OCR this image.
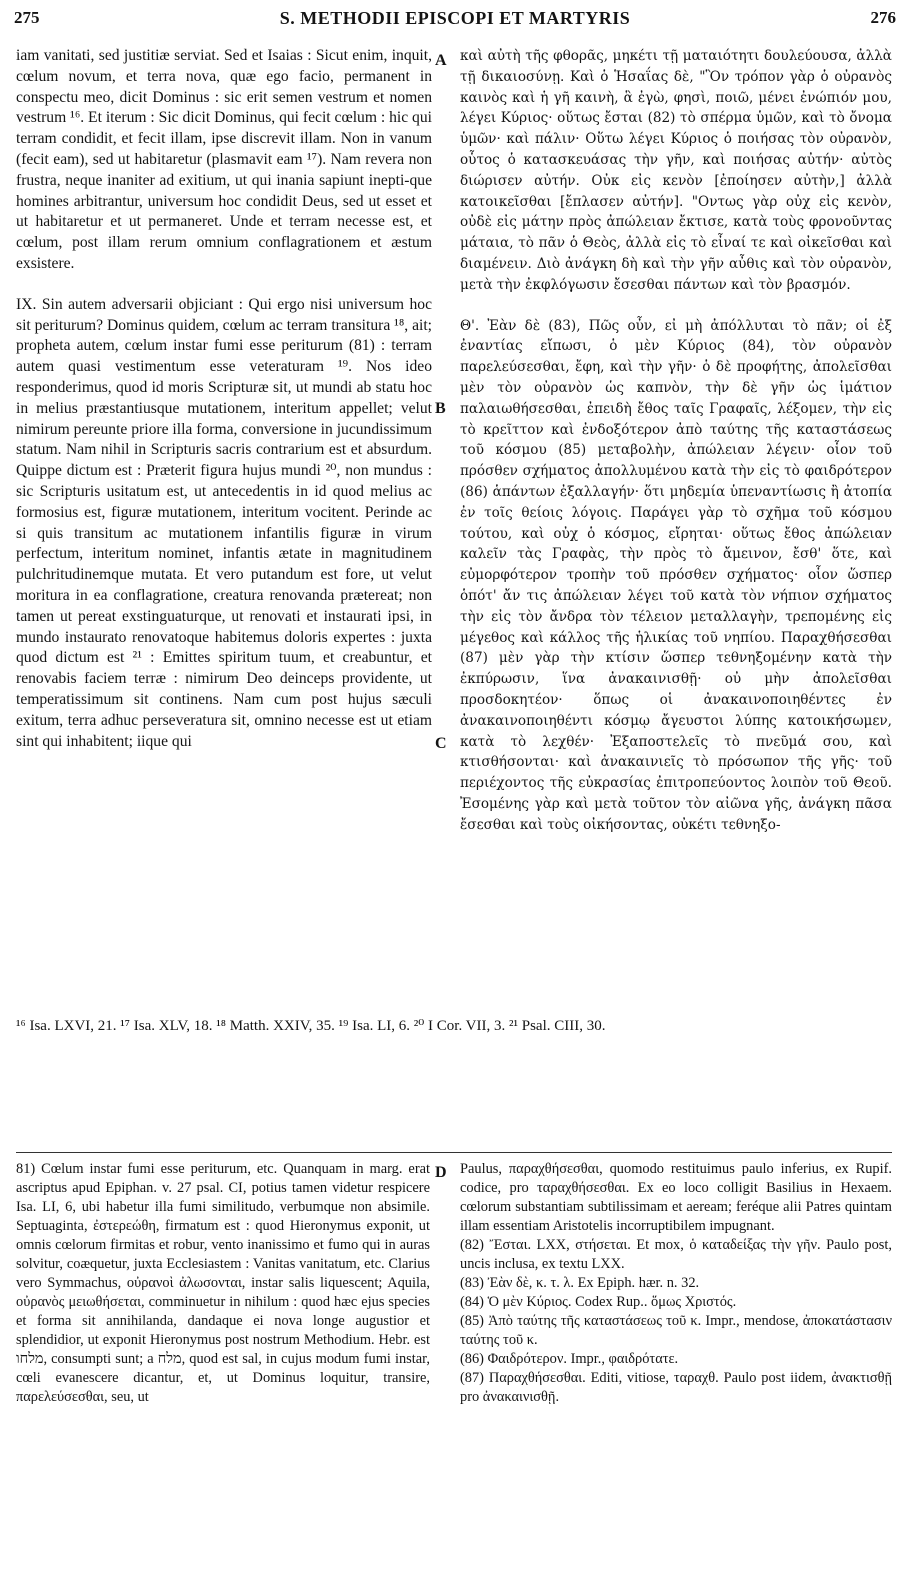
275	S. METHODII EPISCOPI ET MARTYRIS	276

iam vanitati, sed justitiæ serviat. Sed et Isaias : Sicut enim, inquit, cœlum novum, et terra nova, quæ ego facio, permanent in conspectu meo, dicit Dominus : sic erit semen vestrum et nomen vestrum ¹⁶. Et iterum : Sic dicit Dominus, qui fecit cœlum : hic qui terram condidit, et fecit illam, ipse discrevit illam. Non in vanum (fecit eam), sed ut habitaretur (plasmavit eam ¹⁷). Nam revera non frustra, neque inaniter ad exitium, ut qui inania sapiunt inepti-que homines arbitrantur, universum hoc condidit Deus, sed ut esset et ut habitaretur et ut permaneret. Unde et terram necesse est, et cœlum, post illam rerum omnium conflagrationem et æstum exsistere.

IX. Sin autem adversarii objiciant : Qui ergo nisi universum hoc sit periturum? Dominus quidem, cœlum ac terram transitura ¹⁸, ait; propheta autem, cœlum instar fumi esse periturum (81) : terram autem quasi vestimentum esse veteraturam ¹⁹. Nos ideo responderimus, quod id moris Scripturæ sit, ut mundi ab statu hoc in melius præstantiusque mutationem, interitum appellet; velut nimirum pereunte priore illa forma, conversione in jucundissimum statum. Nam nihil in Scripturis sacris contrarium est et absurdum. Quippe dictum est : Præterit figura hujus mundi ²⁰, non mundus : sic Scripturis usitatum est, ut antecedentis in id quod melius ac formosius est, figuræ mutationem, interitum vocitent. Perinde ac si quis transitum ac mutationem infantilis figuræ in virum perfectum, interitum nominet, infantis ætate in magnitudinem pulchritudinemque mutata. Et vero putandum est fore, ut velut moritura in ea conflagratione, creatura renovanda prætereat; non tamen ut pereat exstinguaturque, ut renovati et instaurati ipsi, in mundo instaurato renovatoque habitemus doloris expertes : juxta quod dictum est ²¹ : Emittes spiritum tuum, et creabuntur, et renovabis faciem terræ : nimirum Deo deinceps providente, ut temperatissimum sit continens. Nam cum post hujus sæculi exitum, terra adhuc perseveratura sit, omnino necesse est ut etiam sint qui inhabitent; iique qui

A
B
C

καὶ αὐτὴ τῆς φθορᾶς, μηκέτι τῇ ματαιότητι δουλεύουσα, ἀλλὰ τῇ δικαιοσύνῃ. Καὶ ὁ Ἡσαΐας δὲ, "Ὃν τρόπον γὰρ ὁ οὐρανὸς καινὸς καὶ ἡ γῆ καινὴ, ἃ ἐγὼ, φησὶ, ποιῶ, μένει ἐνώπιόν μου, λέγει Κύριος· οὕτως ἔσται (82) τὸ σπέρμα ὑμῶν, καὶ τὸ ὄνομα ὑμῶν· καὶ πάλιν· Οὕτω λέγει Κύριος ὁ ποιήσας τὸν οὐρανὸν, οὗτος ὁ κατασκευάσας τὴν γῆν, καὶ ποιήσας αὐτήν· αὐτὸς διώρισεν αὐτήν. Οὐκ εἰς κενὸν [ἐποίησεν αὐτὴν,] ἀλλὰ κατοικεῖσθαι [ἔπλασεν αὐτήν]. "Οντως γὰρ οὐχ εἰς κενὸν, οὐδὲ εἰς μάτην πρὸς ἀπώλειαν ἔκτισε, κατὰ τοὺς φρονοῦντας μάταια, τὸ πᾶν ὁ Θεὸς, ἀλλὰ εἰς τὸ εἶναί τε καὶ οἰκεῖσθαι καὶ διαμένειν. Διὸ ἀνάγκη δὴ καὶ τὴν γῆν αὖθις καὶ τὸν οὐρανὸν, μετὰ τὴν ἐκφλόγωσιν ἔσεσθαι πάντων καὶ τὸν βρασμόν.

Θ'. Ἐὰν δὲ (83), Πῶς οὖν, εἰ μὴ ἀπόλλυται τὸ πᾶν; οἱ ἐξ ἐναντίας εἴπωσι, ὁ μὲν Κύριος (84), τὸν οὐρανὸν παρελεύσεσθαι, ἔφη, καὶ τὴν γῆν· ὁ δὲ προφήτης, ἀπολεῖσθαι μὲν τὸν οὐρανὸν ὡς καπνὸν, τὴν δὲ γῆν ὡς ἱμάτιον παλαιωθήσεσθαι, ἐπειδὴ ἔθος ταῖς Γραφαῖς, λέξομεν, τὴν εἰς τὸ κρεῖττον καὶ ἐνδοξότερον ἀπὸ ταύτης τῆς καταστάσεως τοῦ κόσμου (85) μεταβολὴν, ἀπώλειαν λέγειν· οἷον τοῦ πρόσθεν σχήματος ἀπολλυμένου κατὰ τὴν εἰς τὸ φαιδρότερον (86) ἁπάντων ἐξαλλαγήν· ὅτι μηδεμία ὑπεναντίωσις ἢ ἀτοπία ἐν τοῖς θείοις λόγοις. Παράγει γὰρ τὸ σχῆμα τοῦ κόσμου τούτου, καὶ οὐχ ὁ κόσμος, εἴρηται· οὕτως ἔθος ἀπώλειαν καλεῖν τὰς Γραφὰς, τὴν πρὸς τὸ ἄμεινον, ἔσθ' ὅτε, καὶ εὐμορφότερον τροπὴν τοῦ πρόσθεν σχήματος· οἷον ὥσπερ ὁπότ' ἄν τις ἀπώλειαν λέγει τοῦ κατὰ τὸν νήπιον σχήματος τὴν εἰς τὸν ἄνδρα τὸν τέλειον μεταλλαγὴν, τρεπομένης εἰς μέγεθος καὶ κάλλος τῆς ἡλικίας τοῦ νηπίου. Παραχθήσεσθαι (87) μὲν γὰρ τὴν κτίσιν ὥσπερ τεθνηξομένην κατὰ τὴν ἐκπύρωσιν, ἵνα ἀνακαινισθῇ· οὐ μὴν ἀπολεῖσθαι προσδοκητέον· ὅπως οἱ ἀνακαινοποιηθέντες ἐν ἀνακαινοποιηθέντι κόσμῳ ἄγευστοι λύπης κατοικήσωμεν, κατὰ τὸ λεχθέν· Ἐξαποστελεῖς τὸ πνεῦμά σου, καὶ κτισθήσονται· καὶ ἀνακαινιεῖς τὸ πρόσωπον τῆς γῆς· τοῦ περιέχοντος τῆς εὐκρασίας ἐπιτροπεύοντος λοιπὸν τοῦ Θεοῦ. Ἐσομένης γὰρ καὶ μετὰ τοῦτον τὸν αἰῶνα γῆς, ἀνάγκη πᾶσα ἔσεσθαι καὶ τοὺς οἰκήσοντας, οὐκέτι τεθνηξο-

¹⁶ Isa. LXVI, 21. ¹⁷ Isa. XLV, 18. ¹⁸ Matth. XXIV, 35. ¹⁹ Isa. LI, 6. ²⁰ I Cor. VII, 3. ²¹ Psal. CIII, 30.

81) Cœlum instar fumi esse periturum, etc. Quanquam in marg. erat ascriptus apud Epiphan. v. 27 psal. CI, potius tamen videtur respicere Isa. LI, 6, ubi habetur illa fumi similitudo, verbumque non absimile. Septuaginta, ἐστερεώθη, firmatum est : quod Hieronymus exponit, ut omnis cœlorum firmitas et robur, vento inanissimo et fumo qui in auras solvitur, coæquetur, juxta Ecclesiastem : Vanitas vanitatum, etc. Clarius vero Symmachus, οὐρανοὶ ἀλωσονται, instar salis liquescent; Aquila, οὐρανὸς μειωθήσεται, comminuetur in nihilum : quod hæc ejus species et forma sit annihilanda, dandaque ei nova longe augustior et splendidior, ut exponit Hieronymus post nostrum Methodium. Hebr. est מלחו, consumpti sunt; a מלח, quod est sal, in cujus modum fumi instar, cœli evanescere dicantur, et, ut Dominus loquitur, transire, παρελεύσεσθαι, seu, ut

D Paulus, παραχθήσεσθαι, quomodo restituimus paulo inferius, ex Rupif. codice, pro ταραχθήσεσθαι. Ex eo loco colligit Basilius in Hexaem. cœlorum substantiam subtilissimam et aeream; feréque alii Patres quintam illam essentiam Aristotelis incorruptibilem impugnant.

(82) Ἔσται. LXX, στήσεται. Et mox, ὁ καταδείξας τὴν γῆν. Paulo post, uncis inclusa, ex textu LXX.

(83) Ἐὰν δὲ, κ. τ. λ. Ex Epiph. hær. n. 32.

(84) Ὁ μὲν Κύριος. Codex Rup.. ὅμως Χριστός.

(85) Ἀπὸ ταύτης τῆς καταστάσεως τοῦ κ. Impr., mendose, ἀποκατάστασιν ταύτης τοῦ κ.

(86) Φαιδρότερον. Impr., φαιδρότατε.

(87) Παραχθήσεσθαι. Editi, vitiose, ταραχθ. Paulo post iidem, ἀνακτισθῇ pro ἀνακαινισθῇ.
